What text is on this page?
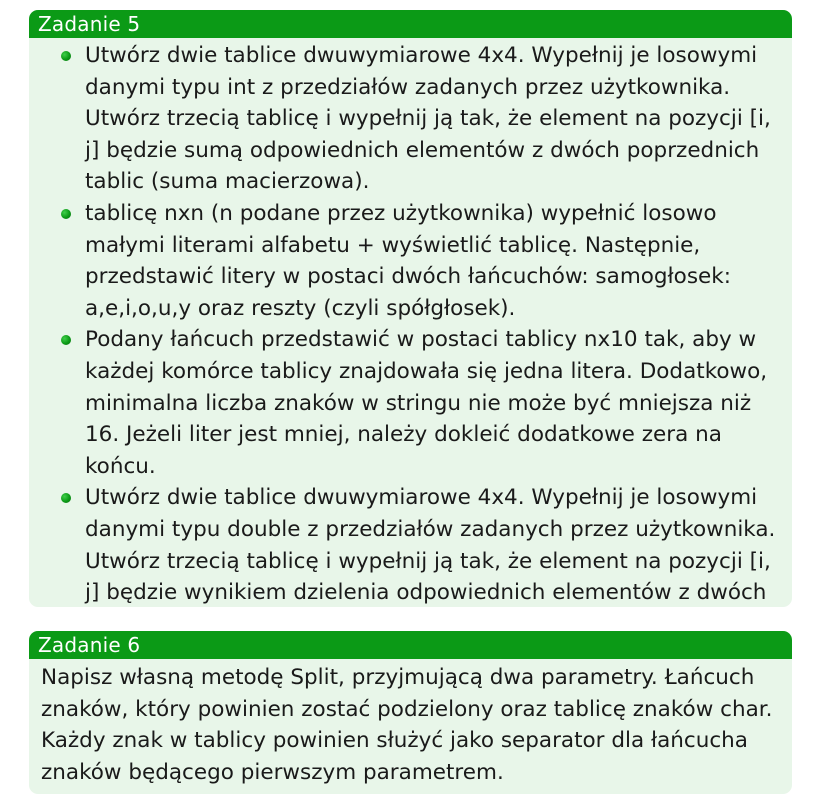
Zadanie 5
Utwórz dwie tablice dwuwymiarowe 4x4. Wypełnij je losowymi danymi typu int z przedziałów zadanych przez użytkownika. Utwórz trzecią tablicę i wypełnij ją tak, że element na pozycji [i, j] będzie sumą odpowiednich elementów z dwóch poprzednich tablic (suma macierzowa).
tablicę nxn (n podane przez użytkownika) wypełnić losowo małymi literami alfabetu + wyświetlić tablicę. Następnie, przedstawić litery w postaci dwóch łańcuchów: samogłosek: a,e,i,o,u,y oraz reszty (czyli spółgłosek).
Podany łańcuch przedstawić w postaci tablicy nx10 tak, aby w każdej komórce tablicy znajdowała się jedna litera. Dodatkowo, minimalna liczba znaków w stringu nie może być mniejsza niż 16. Jeżeli liter jest mniej, należy doklеić dodatkowe zera na końcu.
Utwórz dwie tablice dwuwymiarowe 4x4. Wypełnij je losowymi danymi typu double z przedziałów zadanych przez użytkownika. Utwórz trzecią tablicę i wypełnij ją tak, że element na pozycji [i, j] będzie wynikiem dzielenia odpowiednich elementów z dwóch
Zadanie 6
Napisz własną metodę Split, przyjmującą dwa parametry. Łańcuch znaków, który powinien zostać podzielony oraz tablicę znaków char. Każdy znak w tablicy powinien służyć jako separator dla łańcucha znaków będącego pierwszym parametrem.
